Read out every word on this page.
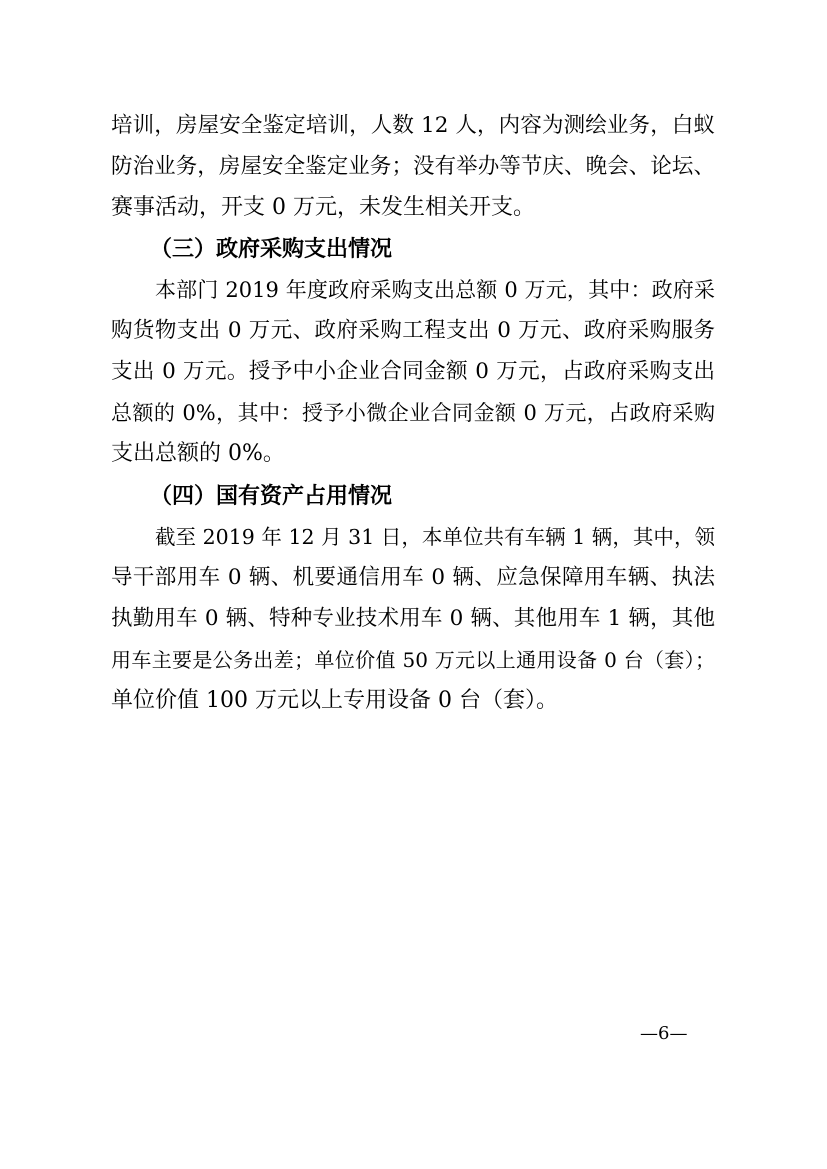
培训，房屋安全鉴定培训，人数 12 人，内容为测绘业务，白蚁
防治业务，房屋安全鉴定业务；没有举办等节庆、晚会、论坛、
赛事活动，开支 0 万元，未发生相关开支。
（三）政府采购支出情况
本部门 2019 年度政府采购支出总额 0 万元，其中：政府采
购货物支出 0 万元、政府采购工程支出 0 万元、政府采购服务
支出 0 万元。授予中小企业合同金额 0 万元，占政府采购支出
总额的 0%，其中：授予小微企业合同金额 0 万元，占政府采购
支出总额的 0%。
（四）国有资产占用情况
截至 2019 年 12 月 31 日，本单位共有车辆 1 辆，其中，领
导干部用车 0 辆、机要通信用车 0 辆、应急保障用车辆、执法
执勤用车 0 辆、特种专业技术用车 0 辆、其他用车 1 辆，其他
用车主要是公务出差；单位价值 50 万元以上通用设备 0 台（套）；
单位价值 100 万元以上专用设备 0 台（套）。
—6—
